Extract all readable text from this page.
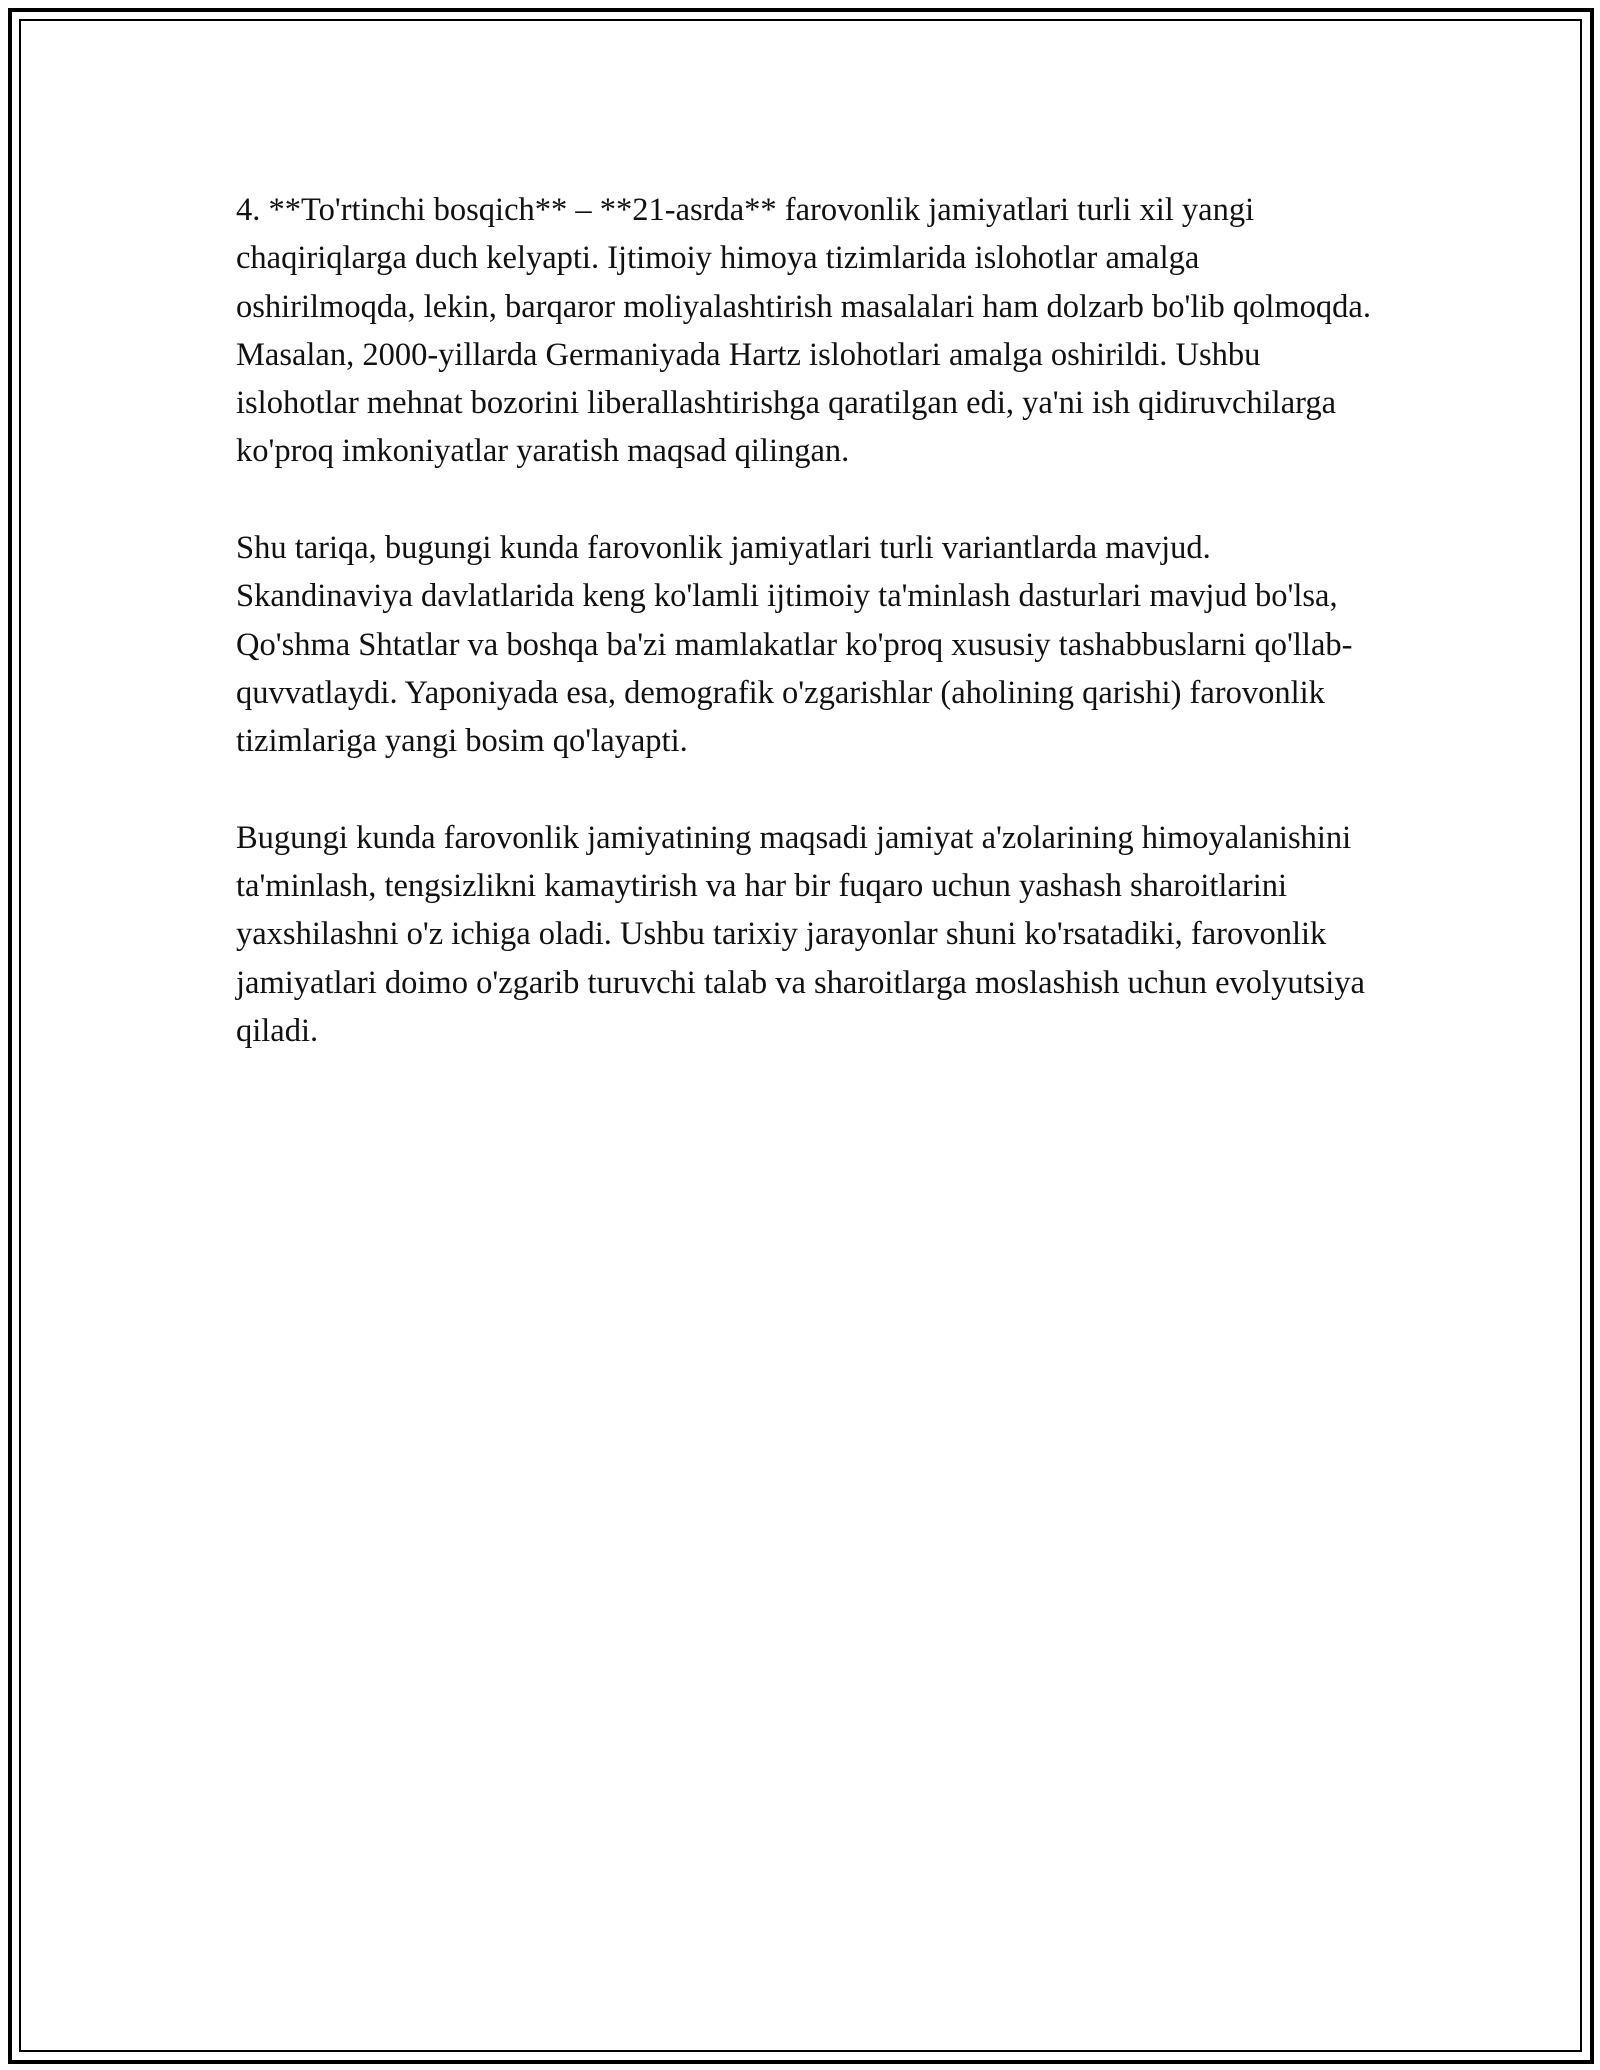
4. **To'rtinchi bosqich** – **21-asrda** farovonlik jamiyatlari turli xil yangi chaqiriqlarga duch kelyapti. Ijtimoiy himoya tizimlarida islohotlar amalga oshirilmoqda, lekin, barqaror moliyalashtirish masalalari ham dolzarb bo'lib qolmoqda. Masalan, 2000-yillarda Germaniyada Hartz islohotlari amalga oshirildi. Ushbu islohotlar mehnat bozorini liberallashtirishga qaratilgan edi, ya'ni ish qidiruvchilarga ko'proq imkoniyatlar yaratish maqsad qilingan.

Shu tariqa, bugungi kunda farovonlik jamiyatlari turli variantlarda mavjud. Skandinaviya davlatlarida keng ko'lamli ijtimoiy ta'minlash dasturlari mavjud bo'lsa, Qo'shma Shtatlar va boshqa ba'zi mamlakatlar ko'proq xususiy tashabbuslarni qo'llab-quvvatlaydi. Yaponiyada esa, demografik o'zgarishlar (aholining qarishi) farovonlik tizimlariga yangi bosim qo'layapti.

Bugungi kunda farovonlik jamiyatining maqsadi jamiyat a'zolarining himoyalanishini ta'minlash, tengsizlikni kamaytirish va har bir fuqaro uchun yashash sharoitlarini yaxshilashni o'z ichiga oladi. Ushbu tarixiy jarayonlar shuni ko'rsatadiki, farovonlik jamiyatlari doimo o'zgarib turuvchi talab va sharoitlarga moslashish uchun evolyutsiya qiladi.
